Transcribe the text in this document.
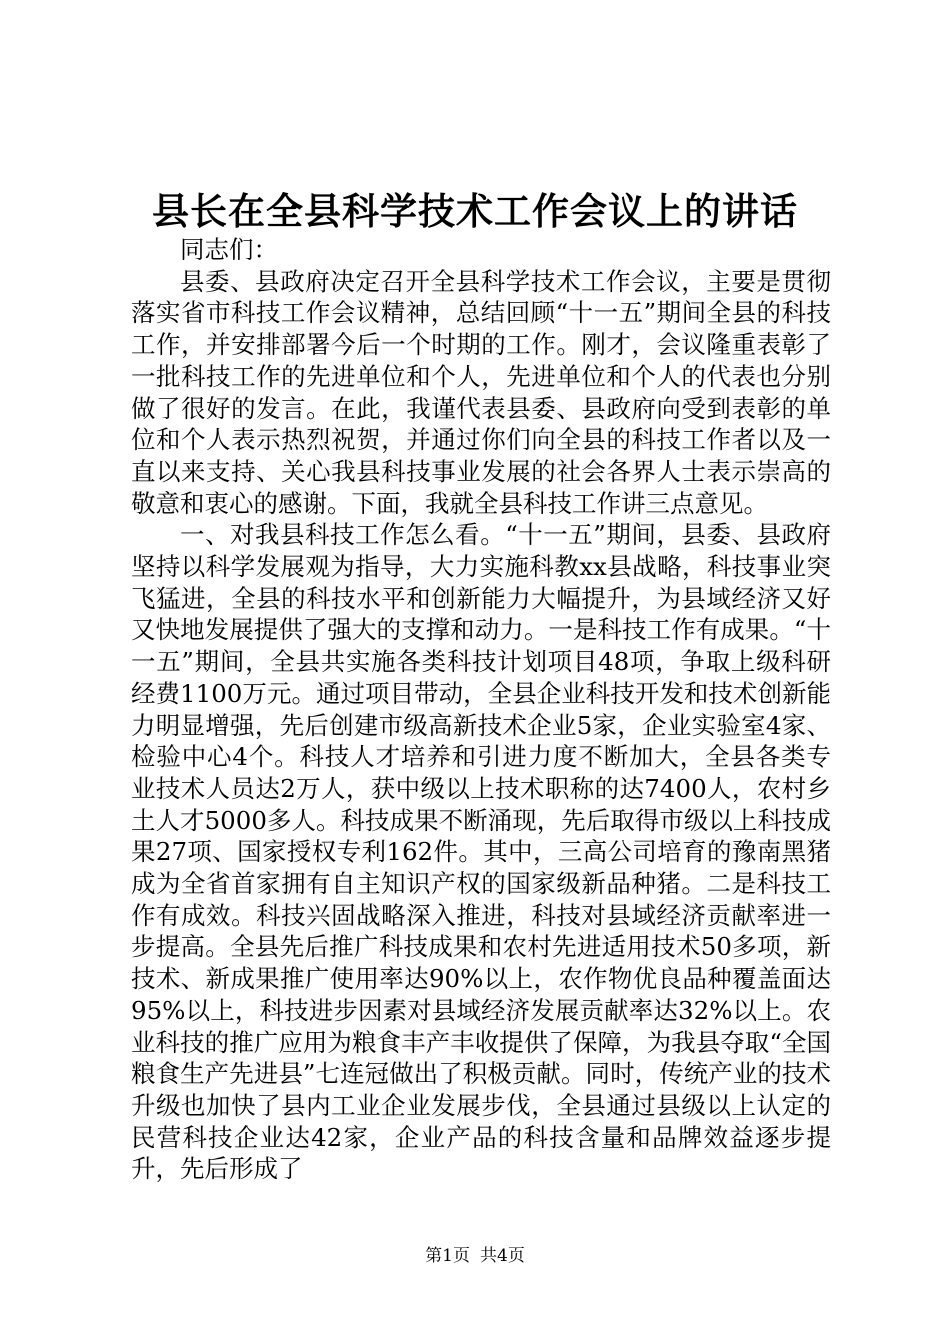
县长在全县科学技术工作会议上的讲话
同志们：

县委、县政府决定召开全县科学技术工作会议，主要是贯彻落实省市科技工作会议精神，总结回顾“十一五”期间全县的科技工作，并安排部署今后一个时期的工作。刚才，会议隆重表彰了一批科技工作的先进单位和个人，先进单位和个人的代表也分别做了很好的发言。在此，我谨代表县委、县政府向受到表彰的单位和个人表示热烈祝贺，并通过你们向全县的科技工作者以及一直以来支持、关心我县科技事业发展的社会各界人士表示崇高的敬意和衷心的感谢。下面，我就全县科技工作讲三点意见。

一、对我县科技工作怎么看。“十一五”期间，县委、县政府坚持以科学发展观为指导，大力实施科教xx县战略，科技事业突飞猛进，全县的科技水平和创新能力大幅提升，为县域经济又好又快地发展提供了强大的支撑和动力。一是科技工作有成果。“十一五”期间，全县共实施各类科技计划项目48项，争取上级科研经费1100万元。通过项目带动，全县企业科技开发和技术创新能力明显增强，先后创建市级高新技术企业5家，企业实验室4家、检验中心4个。科技人才培养和引进力度不断加大，全县各类专业技术人员达2万人，获中级以上技术职称的达7400人，农村乡土人才5000多人。科技成果不断涌现，先后取得市级以上科技成果27项、国家授权专利162件。其中，三高公司培育的豫南黑猪成为全省首家拥有自主知识产权的国家级新品种猪。二是科技工作有成效。科技兴固战略深入推进，科技对县域经济贡献率进一步提高。全县先后推广科技成果和农村先进适用技术50多项，新技术、新成果推广使用率达90%以上，农作物优良品种覆盖面达95%以上，科技进步因素对县域经济发展贡献率达32%以上。农业科技的推广应用为粮食丰产丰收提供了保障，为我县夺取“全国粮食生产先进县”七连冠做出了积极贡献。同时，传统产业的技术升级也加快了县内工业企业发展步伐，全县通过县级以上认定的民营科技企业达42家，企业产品的科技含量和品牌效益逐步提升，先后形成了

第1页 共4页
